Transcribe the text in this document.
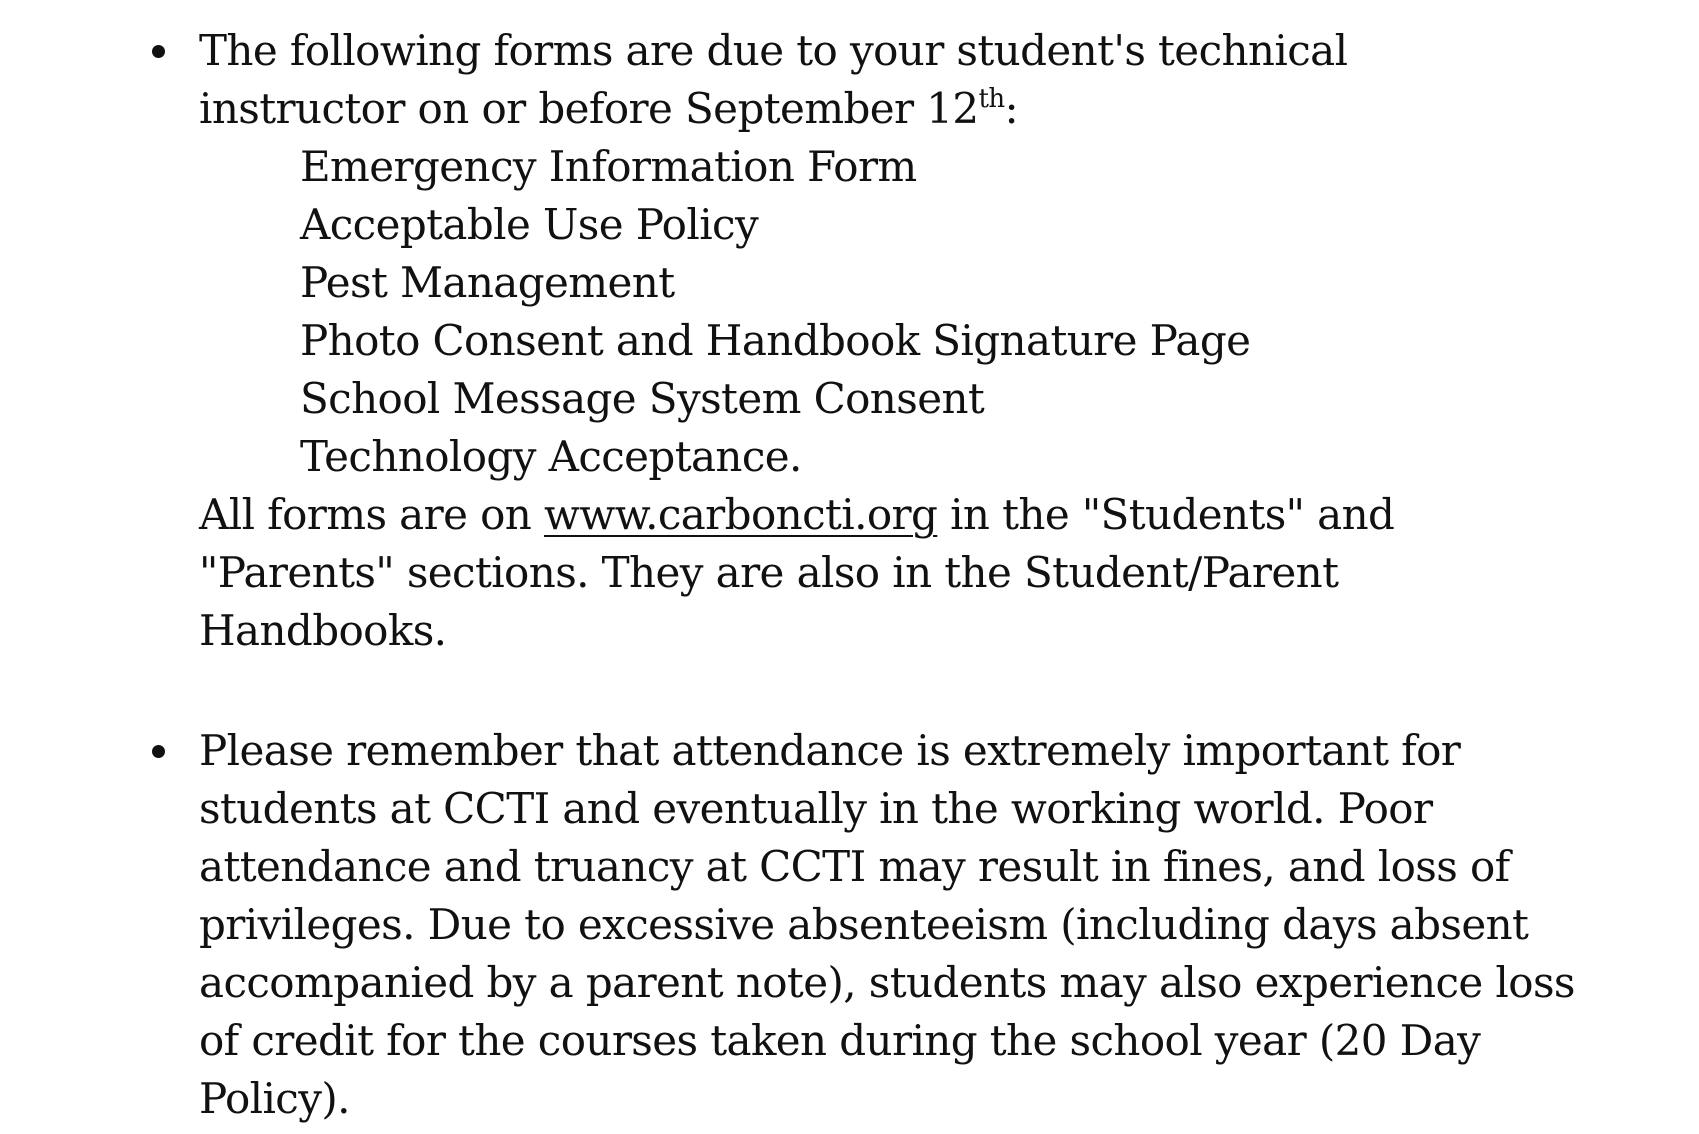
The following forms are due to your student's technical
instructor on or before September 12th:
Emergency Information Form
Acceptable Use Policy
Pest Management
Photo Consent and Handbook Signature Page
School Message System Consent
Technology Acceptance.
All forms are on www.carboncti.org in the "Students" and
"Parents" sections. They are also in the Student/Parent
Handbooks.
Please remember that attendance is extremely important for
students at CCTI and eventually in the working world. Poor
attendance and truancy at CCTI may result in fines, and loss of
privileges. Due to excessive absenteeism (including days absent
accompanied by a parent note), students may also experience loss
of credit for the courses taken during the school year (20 Day
Policy).
